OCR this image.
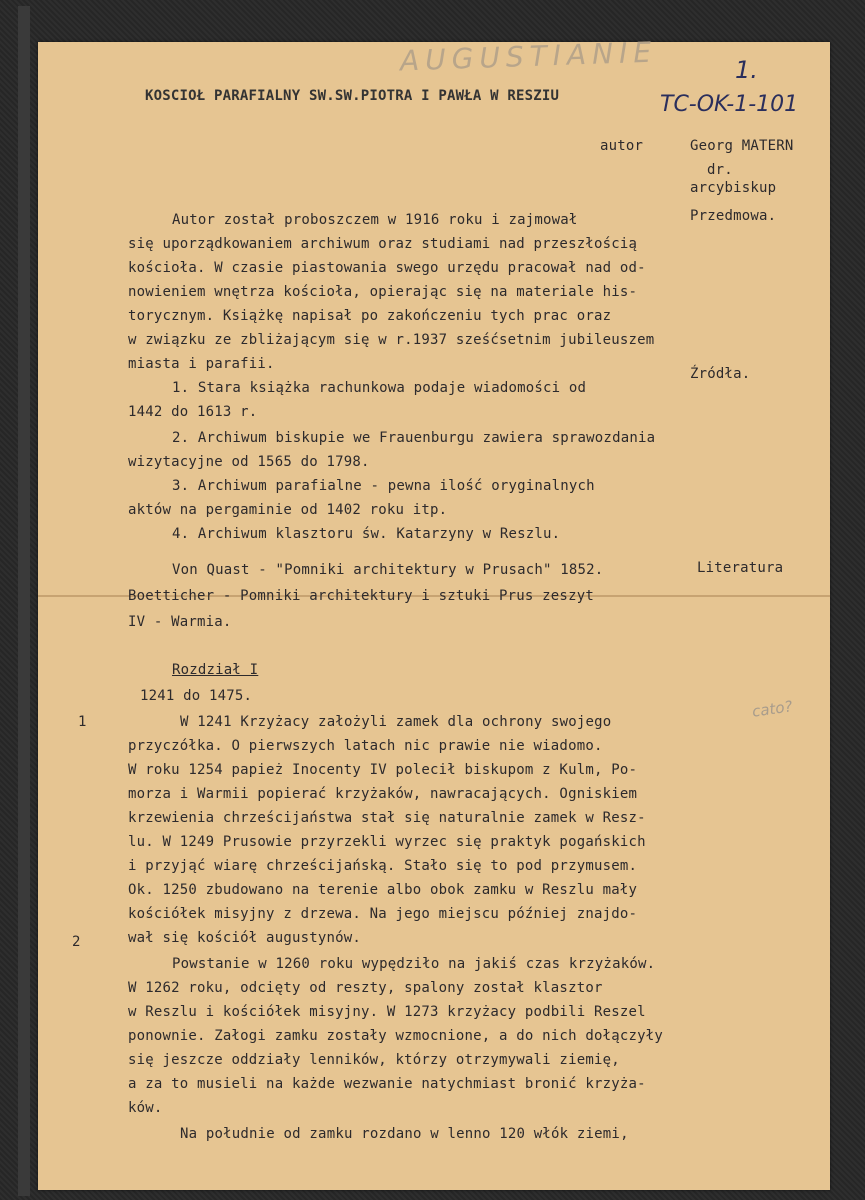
AUGUSTIANIE	1.
TC-OK-1-101
cato?
KOSCIOŁ PARAFIALNY SW.SW.PIOTRA I PAWŁA W RESZIU
autor	Georg MATERN
dr.
arcybiskup
Przedmowa.
Źródła.
Literatura
1
2
Autor został proboszczem w 1916 roku i zajmował
się uporządkowaniem archiwum oraz studiami nad przeszłością
kościoła. W czasie piastowania swego urzędu pracował nad od-
nowieniem wnętrza kościoła, opierając się na materiale his-
torycznym. Książkę napisał po zakończeniu tych prac oraz
w związku ze zbliżającym się w r.1937 sześćsetnim jubileuszem
miasta i parafii.
1. Stara książka rachunkowa podaje wiadomości od
1442 do 1613 r.
2. Archiwum biskupie we Frauenburgu zawiera sprawozdania
wizytacyjne od 1565 do 1798.
3. Archiwum parafialne - pewna ilość oryginalnych
aktów na pergaminie od 1402 roku itp.
4. Archiwum klasztoru św. Katarzyny w Reszlu.
Von Quast - "Pomniki architektury w Prusach" 1852.
Boetticher - Pomniki architektury i sztuki Prus zeszyt
IV - Warmia.
Rozdział I
1241 do 1475.
W 1241 Krzyżacy założyli zamek dla ochrony swojego
przyczółka. O pierwszych latach nic prawie nie wiadomo.
W roku 1254 papież Inocenty IV polecił biskupom z Kulm, Po-
morza i Warmii popierać krzyżaków, nawracających. Ogniskiem
krzewienia chrześcijaństwa stał się naturalnie zamek w Resz-
lu. W 1249 Prusowie przyrzekli wyrzec się praktyk pogańskich
i przyjąć wiarę chrześcijańską. Stało się to pod przymusem.
Ok. 1250 zbudowano na terenie albo obok zamku w Reszlu mały
kościółek misyjny z drzewa. Na jego miejscu później znajdo-
wał się kościół augustynów.
Powstanie w 1260 roku wypędziło na jakiś czas krzyżaków.
W 1262 roku, odcięty od reszty, spalony został klasztor
w Reszlu i kościółek misyjny. W 1273 krzyżacy podbili Reszel
ponownie. Załogi zamku zostały wzmocnione, a do nich dołączyły
się jeszcze oddziały lenników, którzy otrzymywali ziemię,
a za to musieli na każde wezwanie natychmiast bronić krzyża-
ków.
Na południe od zamku rozdano w lenno 120 włók ziemi,
